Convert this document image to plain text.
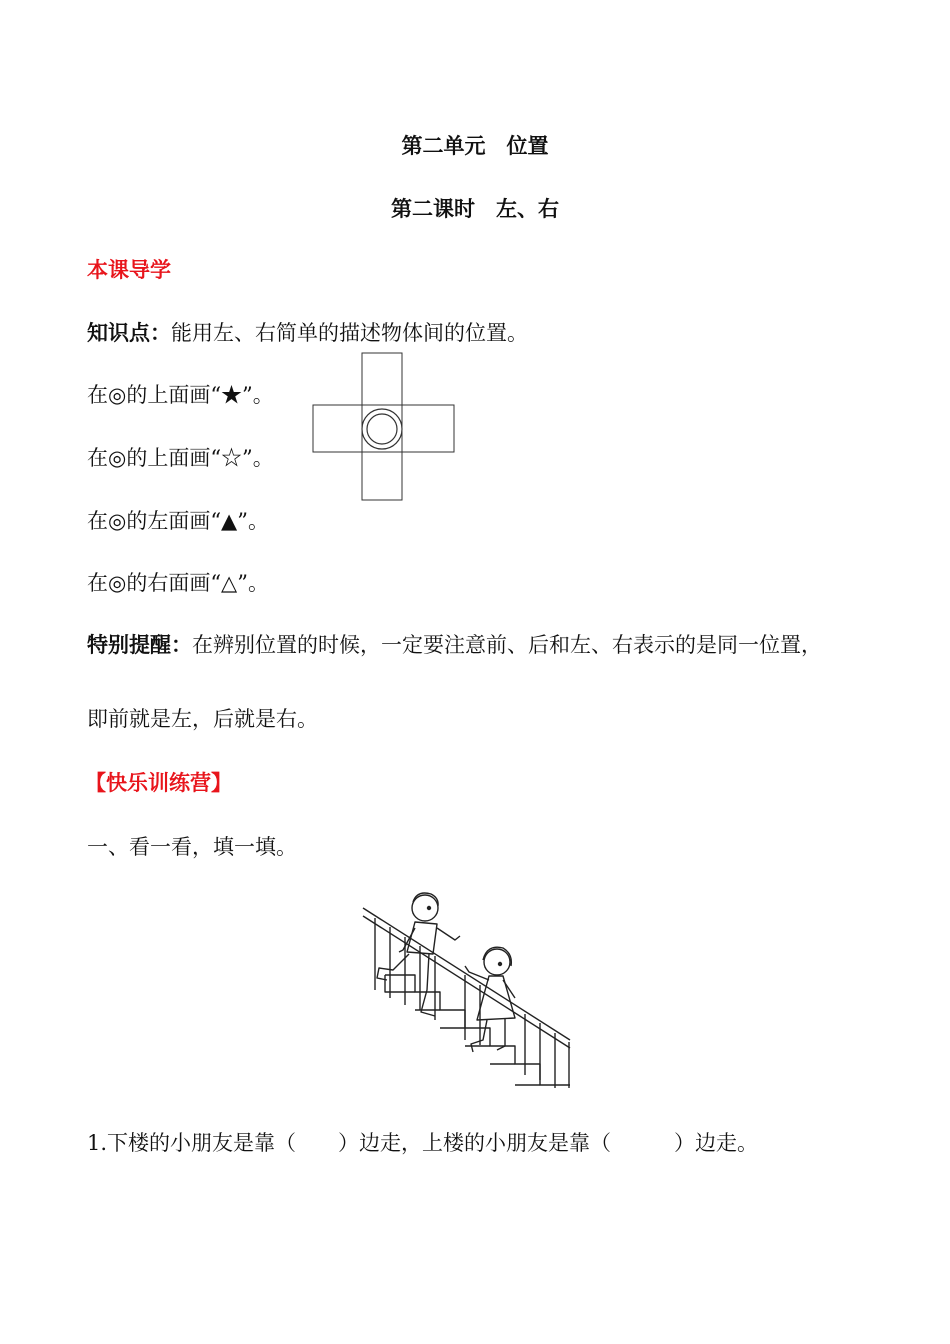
第二单元　位置
第二课时　左、右
本课导学
知识点：能用左、右简单的描述物体间的位置。
在◎的上面画“★”。
在◎的上面画“☆”。
在◎的左面画“▲”。
在◎的右面画“△”。
特别提醒：在辨别位置的时候，一定要注意前、后和左、右表示的是同一位置，
即前就是左，后就是右。
【快乐训练营】
一、看一看，填一填。
1.下楼的小朋友是靠（　　）边走，上楼的小朋友是靠（　　　）边走。
